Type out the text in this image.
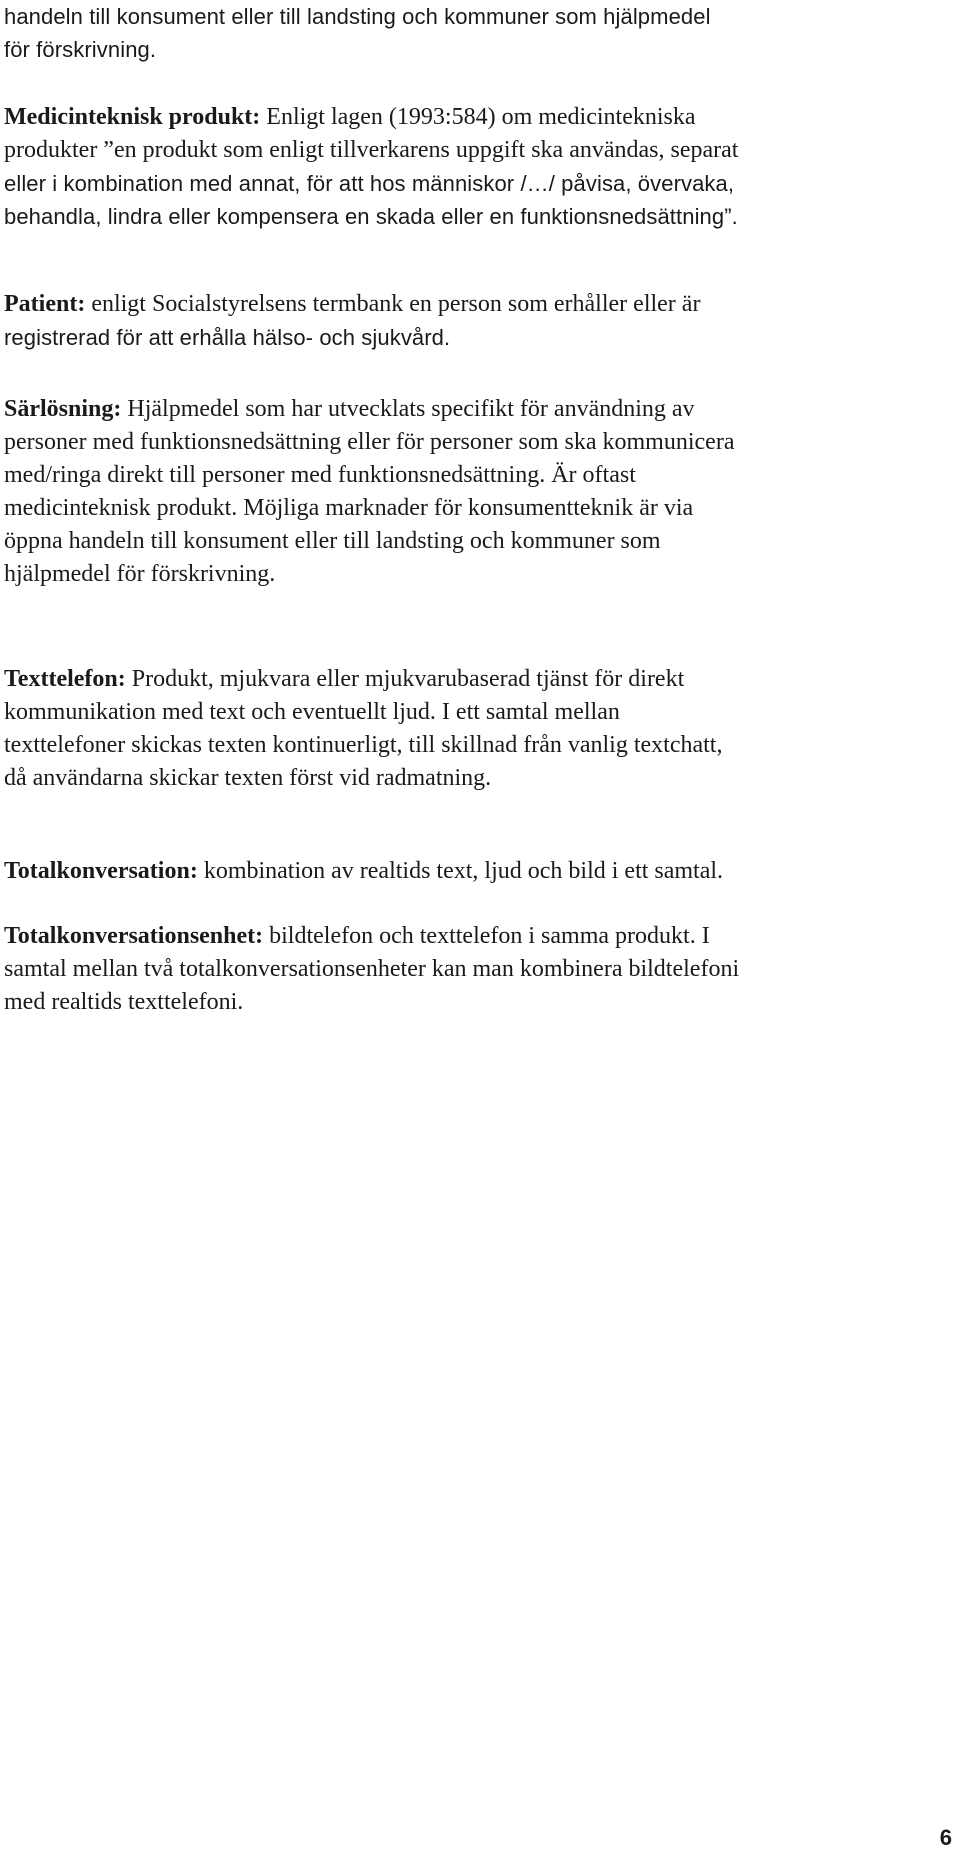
handeln till konsument eller till landsting och kommuner som hjälpmedel
för förskrivning.

Medicinteknisk produkt: Enligt lagen (1993:584) om medicintekniska
produkter ”en produkt som enligt tillverkarens uppgift ska användas, separat
eller i kombination med annat, för att hos människor /…/ påvisa, övervaka,
behandla, lindra eller kompensera en skada eller en funktionsnedsättning”.

Patient: enligt Socialstyrelsens termbank en person som erhåller eller är
registrerad för att erhålla hälso- och sjukvård.

Särlösning: Hjälpmedel som har utvecklats specifikt för användning av
personer med funktionsnedsättning eller för personer som ska kommunicera
med/ringa direkt till personer med funktionsnedsättning. Är oftast
medicinteknisk produkt. Möjliga marknader för konsumentteknik är via
öppna handeln till konsument eller till landsting och kommuner som
hjälpmedel för förskrivning.

Texttelefon: Produkt, mjukvara eller mjukvarubaserad tjänst för direkt
kommunikation med text och eventuellt ljud. I ett samtal mellan
texttelefoner skickas texten kontinuerligt, till skillnad från vanlig textchatt,
då användarna skickar texten först vid radmatning.

Totalkonversation: kombination av realtids text, ljud och bild i ett samtal.

Totalkonversationsenhet: bildtelefon och texttelefon i samma produkt. I
samtal mellan två totalkonversationsenheter kan man kombinera bildtelefoni
med realtids texttelefoni.

6
